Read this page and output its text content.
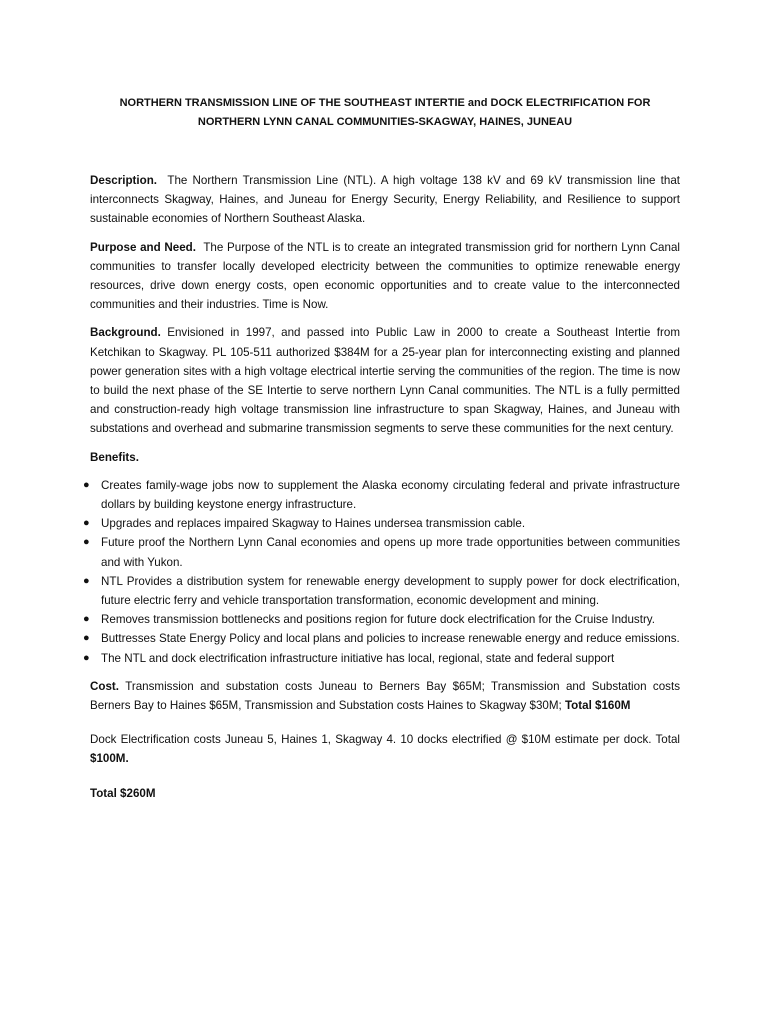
NORTHERN TRANSMISSION LINE OF THE SOUTHEAST INTERTIE and DOCK ELECTRIFICATION FOR
NORTHERN LYNN CANAL COMMUNITIES-SKAGWAY, HAINES, JUNEAU

Description. The Northern Transmission Line (NTL). A high voltage 138 kV and 69 kV transmission line that interconnects Skagway, Haines, and Juneau for Energy Security, Energy Reliability, and Resilience to support sustainable economies of Northern Southeast Alaska.

Purpose and Need. The Purpose of the NTL is to create an integrated transmission grid for northern Lynn Canal communities to transfer locally developed electricity between the communities to optimize renewable energy resources, drive down energy costs, open economic opportunities and to create value to the interconnected communities and their industries. Time is Now.

Background. Envisioned in 1997, and passed into Public Law in 2000 to create a Southeast Intertie from Ketchikan to Skagway. PL 105-511 authorized $384M for a 25-year plan for interconnecting existing and planned power generation sites with a high voltage electrical intertie serving the communities of the region. The time is now to build the next phase of the SE Intertie to serve northern Lynn Canal communities. The NTL is a fully permitted and construction-ready high voltage transmission line infrastructure to span Skagway, Haines, and Juneau with substations and overhead and submarine transmission segments to serve these communities for the next century.

Benefits.

● Creates family-wage jobs now to supplement the Alaska economy circulating federal and private infrastructure dollars by building keystone energy infrastructure.
● Upgrades and replaces impaired Skagway to Haines undersea transmission cable.
● Future proof the Northern Lynn Canal economies and opens up more trade opportunities between communities and with Yukon.
● NTL Provides a distribution system for renewable energy development to supply power for dock electrification, future electric ferry and vehicle transportation transformation, economic development and mining.
● Removes transmission bottlenecks and positions region for future dock electrification for the Cruise Industry.
● Buttresses State Energy Policy and local plans and policies to increase renewable energy and reduce emissions.
● The NTL and dock electrification infrastructure initiative has local, regional, state and federal support

Cost. Transmission and substation costs Juneau to Berners Bay $65M; Transmission and Substation costs Berners Bay to Haines $65M, Transmission and Substation costs Haines to Skagway $30M; Total $160M

Dock Electrification costs Juneau 5, Haines 1, Skagway 4. 10 docks electrified @ $10M estimate per dock. Total $100M.

Total $260M
